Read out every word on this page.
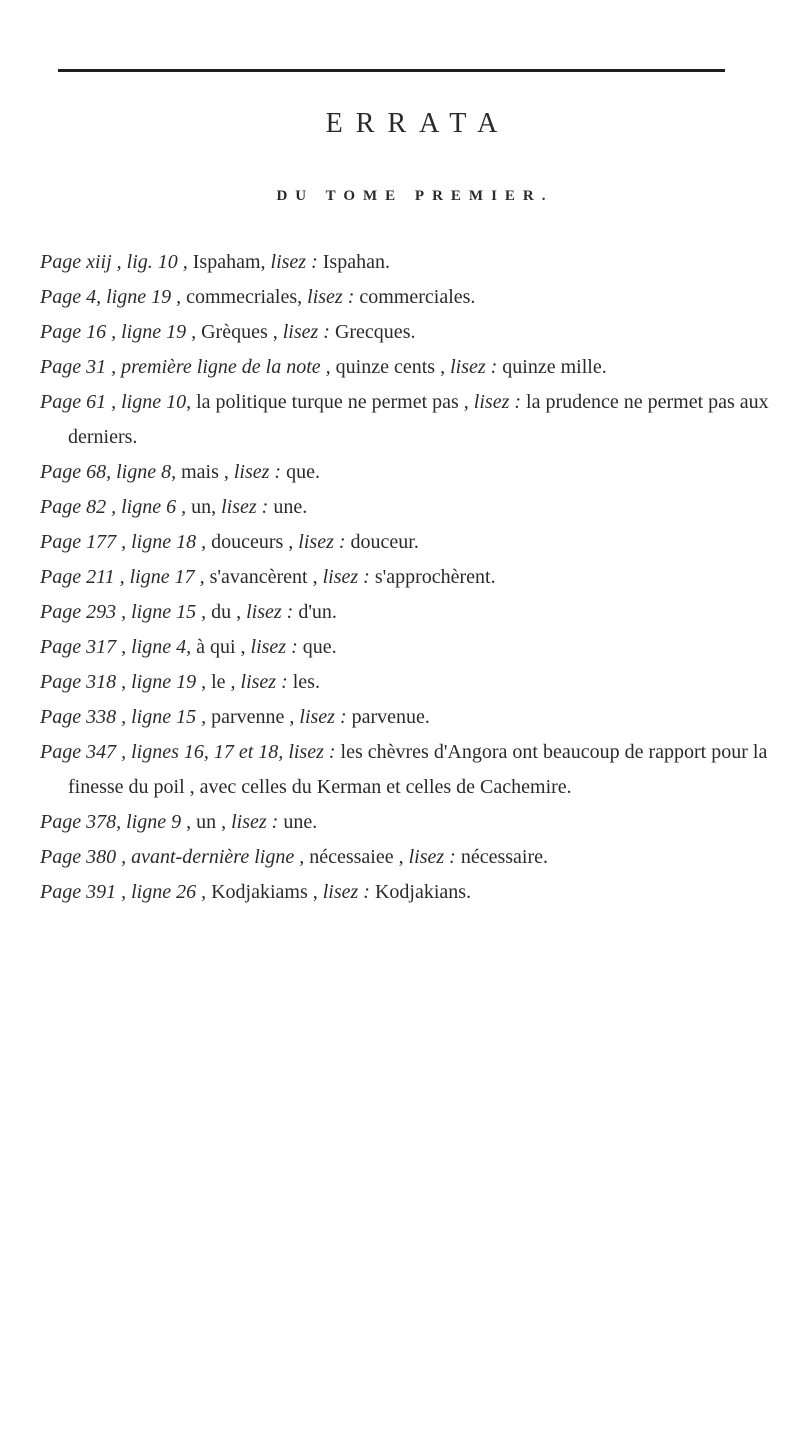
ERRATA
DU TOME PREMIER.

Page xiij , lig. 10 , Ispaham, lisez : Ispahan.

Page 4, ligne 19 , commecriales, lisez : commerciales.

Page 16 , ligne 19 , Grèques , lisez : Grecques.

Page 31 , première ligne de la note , quinze cents , lisez : quinze mille.

Page 61 , ligne 10, la politique turque ne permet pas , lisez : la prudence ne permet pas aux derniers.

Page 68, ligne 8, mais , lisez : que.

Page 82 , ligne 6 , un, lisez : une.

Page 177 , ligne 18 , douceurs , lisez : douceur.

Page 211 , ligne 17 , s'avancèrent , lisez : s'approchèrent.

Page 293 , ligne 15 , du , lisez : d'un.

Page 317 , ligne 4, à qui , lisez : que.

Page 318 , ligne 19 , le , lisez : les.

Page 338 , ligne 15 , parvenne , lisez : parvenue.

Page 347 , lignes 16, 17 et 18, lisez : les chèvres d'Angora ont beaucoup de rapport pour la finesse du poil , avec celles du Kerman et celles de Cachemire.

Page 378, ligne 9 , un , lisez : une.

Page 380 , avant-dernière ligne , nécessaiee , lisez : nécessaire.

Page 391 , ligne 26 , Kodjakiams , lisez : Kodjakians.
